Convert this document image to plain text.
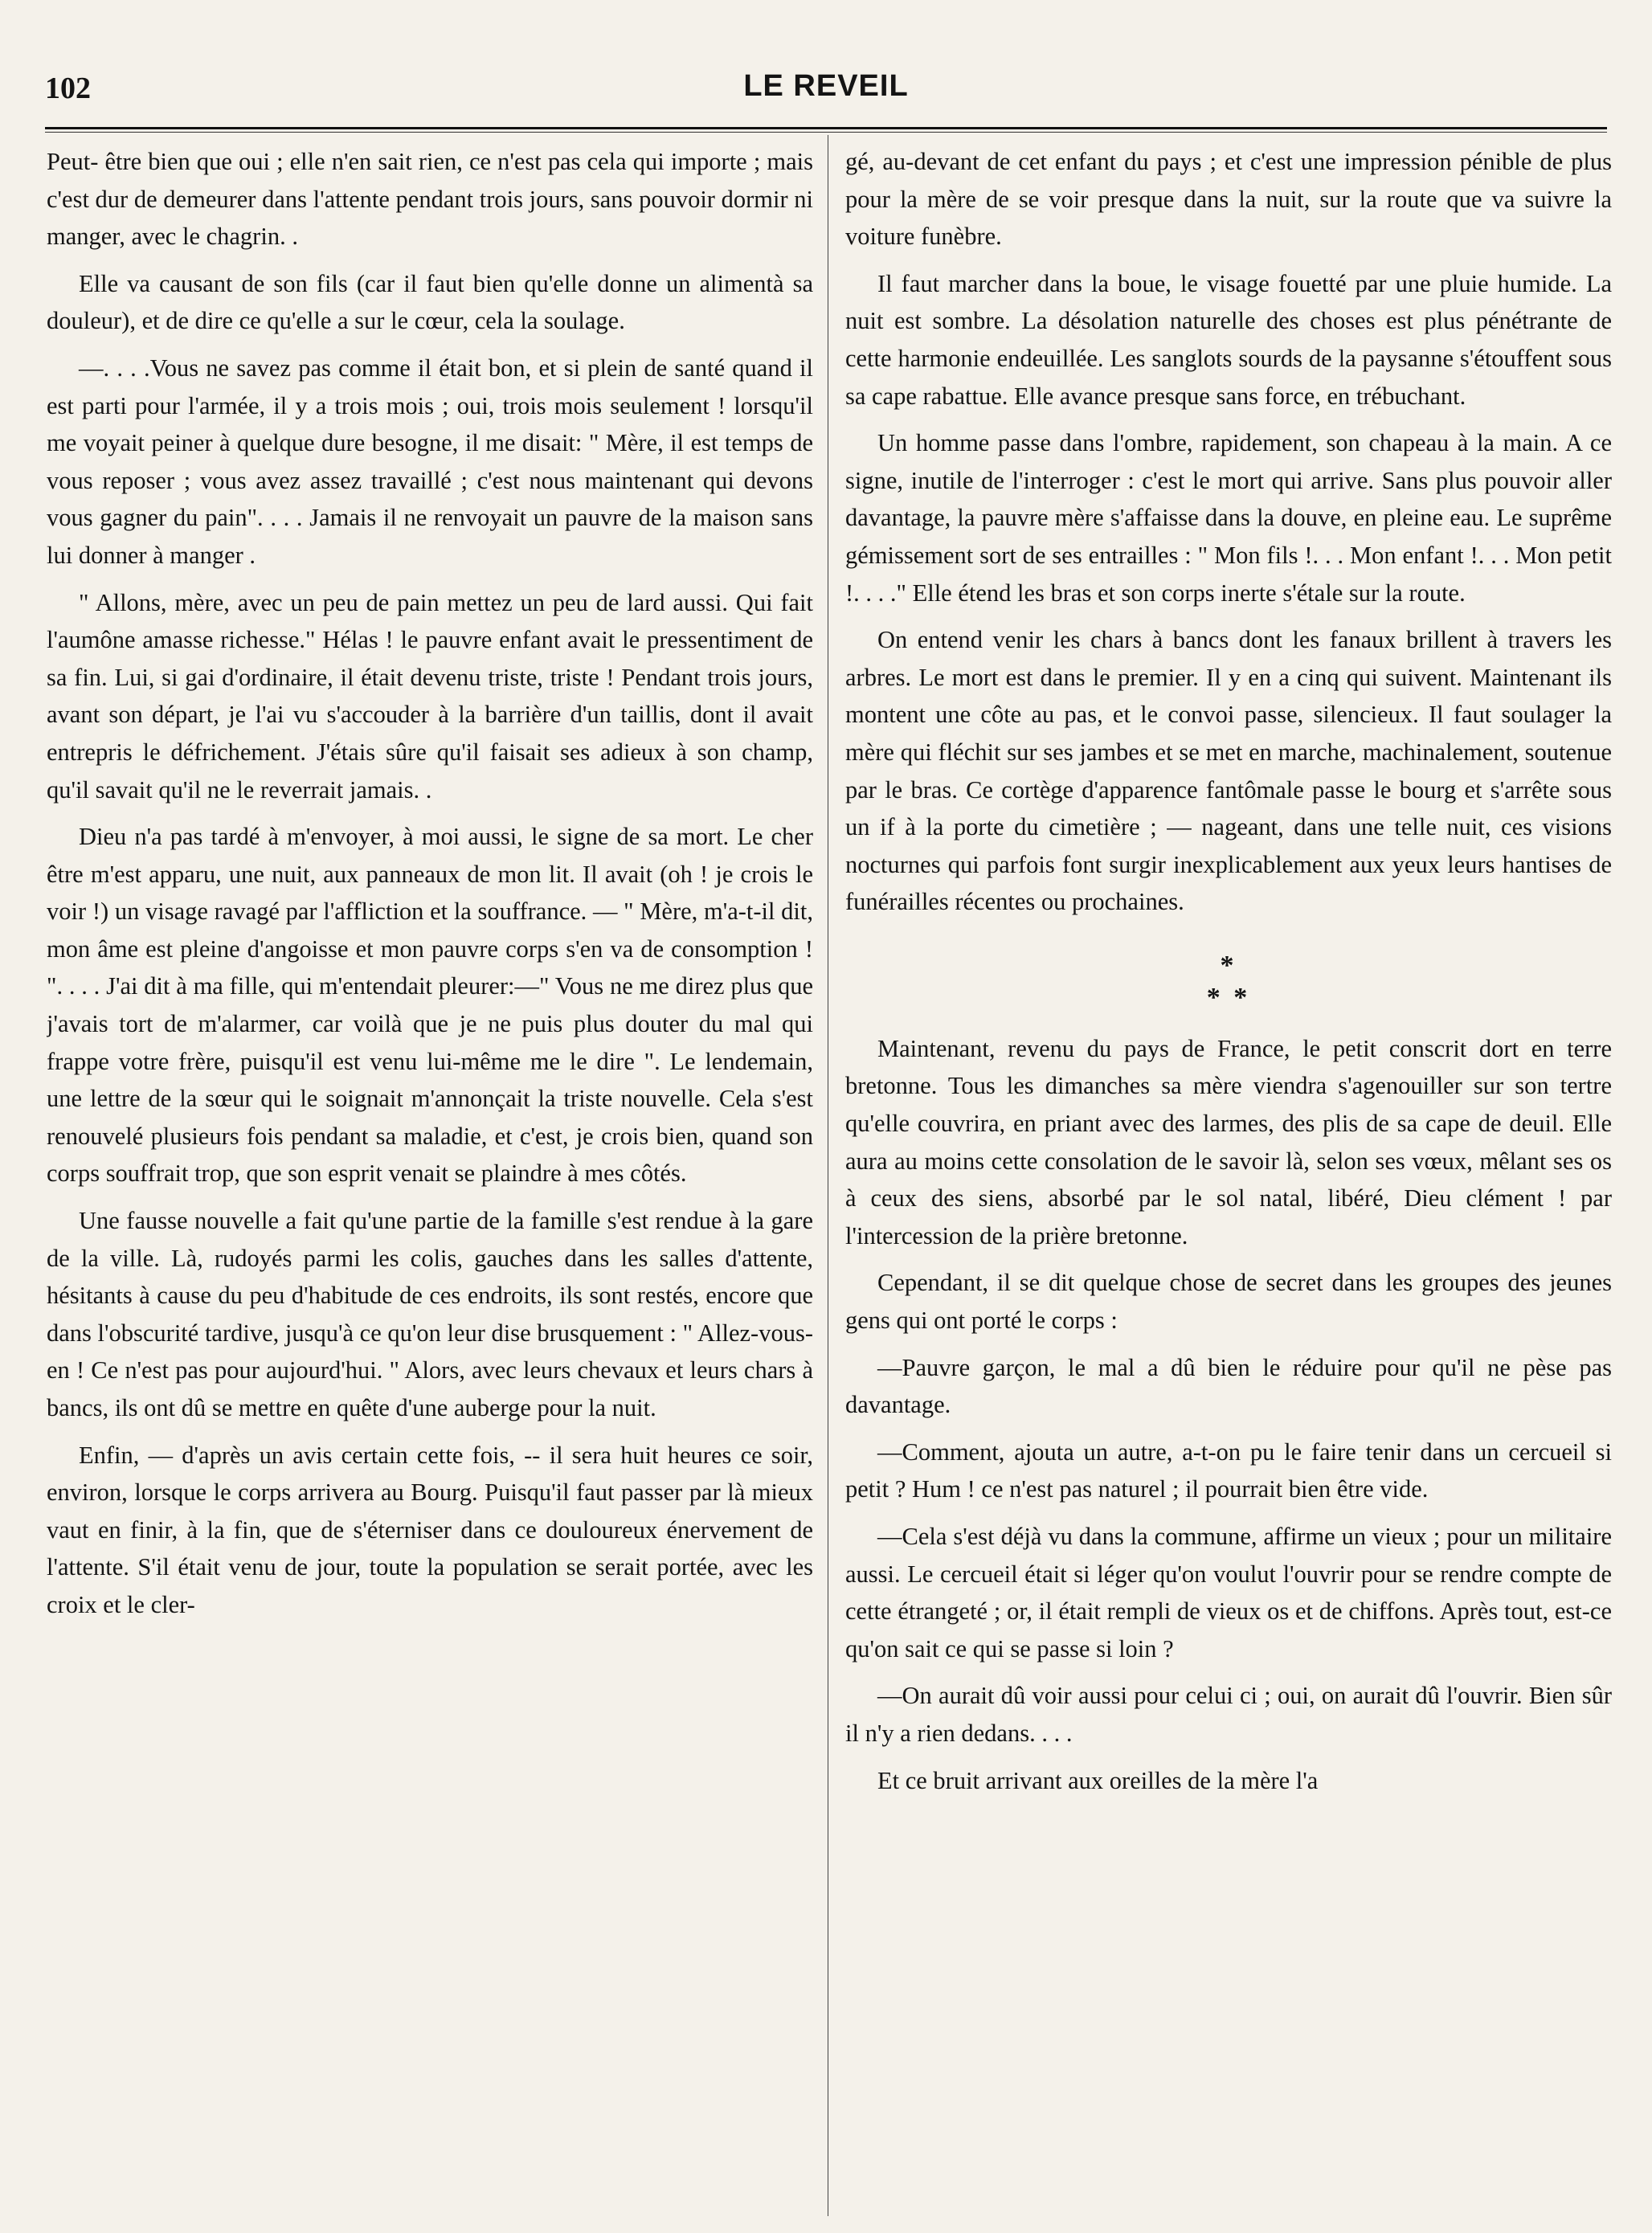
102	LE REVEIL

Peut- être bien que oui ; elle n'en sait rien, ce n'est pas cela qui importe ; mais c'est dur de demeurer dans l'attente pendant trois jours, sans pouvoir dormir ni manger, avec le chagrin. .

Elle va causant de son fils (car il faut bien qu'elle donne un alimentà sa douleur), et de dire ce qu'elle a sur le cœur, cela la soulage.

—. . . .Vous ne savez pas comme il était bon, et si plein de santé quand il est parti pour l'armée, il y a trois mois ; oui, trois mois seulement ! lorsqu'il me voyait peiner à quelque dure besogne, il me disait: " Mère, il est temps de vous reposer ; vous avez assez travaillé ; c'est nous maintenant qui devons vous gagner du pain". . . . Jamais il ne renvoyait un pauvre de la maison sans lui donner à manger .

" Allons, mère, avec un peu de pain mettez un peu de lard aussi. Qui fait l'aumône amasse richesse." Hélas ! le pauvre enfant avait le pressentiment de sa fin. Lui, si gai d'ordinaire, il était devenu triste, triste ! Pendant trois jours, avant son départ, je l'ai vu s'accouder à la barrière d'un taillis, dont il avait entrepris le défrichement. J'étais sûre qu'il faisait ses adieux à son champ, qu'il savait qu'il ne le reverrait jamais. .

Dieu n'a pas tardé à m'envoyer, à moi aussi, le signe de sa mort. Le cher être m'est apparu, une nuit, aux panneaux de mon lit. Il avait (oh ! je crois le voir !) un visage ravagé par l'affliction et la souffrance. — " Mère, m'a-t-il dit, mon âme est pleine d'angoisse et mon pauvre corps s'en va de consomption ! ". . . . J'ai dit à ma fille, qui m'entendait pleurer:—" Vous ne me direz plus que j'avais tort de m'alarmer, car voilà que je ne puis plus douter du mal qui frappe votre frère, puisqu'il est venu lui-même me le dire ". Le lendemain, une lettre de la sœur qui le soignait m'annonçait la triste nouvelle. Cela s'est renouvelé plusieurs fois pendant sa maladie, et c'est, je crois bien, quand son corps souffrait trop, que son esprit venait se plaindre à mes côtés.

Une fausse nouvelle a fait qu'une partie de la famille s'est rendue à la gare de la ville. Là, rudoyés parmi les colis, gauches dans les salles d'attente, hésitants à cause du peu d'habitude de ces endroits, ils sont restés, encore que dans l'obscurité tardive, jusqu'à ce qu'on leur dise brusquement : " Allez-vous-en ! Ce n'est pas pour aujourd'hui. " Alors, avec leurs chevaux et leurs chars à bancs, ils ont dû se mettre en quête d'une auberge pour la nuit.

Enfin, — d'après un avis certain cette fois, -- il sera huit heures ce soir, environ, lorsque le corps arrivera au Bourg. Puisqu'il faut passer par là mieux vaut en finir, à la fin, que de s'éterniser dans ce douloureux énervement de l'attente. S'il était venu de jour, toute la population se serait portée, avec les croix et le cler-

gé, au-devant de cet enfant du pays ; et c'est une impression pénible de plus pour la mère de se voir presque dans la nuit, sur la route que va suivre la voiture funèbre.

Il faut marcher dans la boue, le visage fouetté par une pluie humide. La nuit est sombre. La désolation naturelle des choses est plus pénétrante de cette harmonie endeuillée. Les sanglots sourds de la paysanne s'étouffent sous sa cape rabattue. Elle avance presque sans force, en trébuchant.

Un homme passe dans l'ombre, rapidement, son chapeau à la main. A ce signe, inutile de l'interroger : c'est le mort qui arrive. Sans plus pouvoir aller davantage, la pauvre mère s'affaisse dans la douve, en pleine eau. Le suprême gémissement sort de ses entrailles : " Mon fils !. . . Mon enfant !. . . Mon petit !. . . ." Elle étend les bras et son corps inerte s'étale sur la route.

On entend venir les chars à bancs dont les fanaux brillent à travers les arbres. Le mort est dans le premier. Il y en a cinq qui suivent. Maintenant ils montent une côte au pas, et le convoi passe, silencieux. Il faut soulager la mère qui fléchit sur ses jambes et se met en marche, machinalement, soutenue par le bras. Ce cortège d'apparence fantômale passe le bourg et s'arrête sous un if à la porte du cimetière ; — nageant, dans une telle nuit, ces visions nocturnes qui parfois font surgir inexplicablement aux yeux leurs hantises de funérailles récentes ou prochaines.

*
* *

Maintenant, revenu du pays de France, le petit conscrit dort en terre bretonne. Tous les dimanches sa mère viendra s'agenouiller sur son tertre qu'elle couvrira, en priant avec des larmes, des plis de sa cape de deuil. Elle aura au moins cette consolation de le savoir là, selon ses vœux, mêlant ses os à ceux des siens, absorbé par le sol natal, libéré, Dieu clément ! par l'intercession de la prière bretonne.

Cependant, il se dit quelque chose de secret dans les groupes des jeunes gens qui ont porté le corps :

—Pauvre garçon, le mal a dû bien le réduire pour qu'il ne pèse pas davantage.

—Comment, ajouta un autre, a-t-on pu le faire tenir dans un cercueil si petit ? Hum ! ce n'est pas naturel ; il pourrait bien être vide.

—Cela s'est déjà vu dans la commune, affirme un vieux ; pour un militaire aussi. Le cercueil était si léger qu'on voulut l'ouvrir pour se rendre compte de cette étrangeté ; or, il était rempli de vieux os et de chiffons. Après tout, est-ce qu'on sait ce qui se passe si loin ?

—On aurait dû voir aussi pour celui ci ; oui, on aurait dû l'ouvrir. Bien sûr il n'y a rien dedans. . . .

Et ce bruit arrivant aux oreilles de la mère l'a
